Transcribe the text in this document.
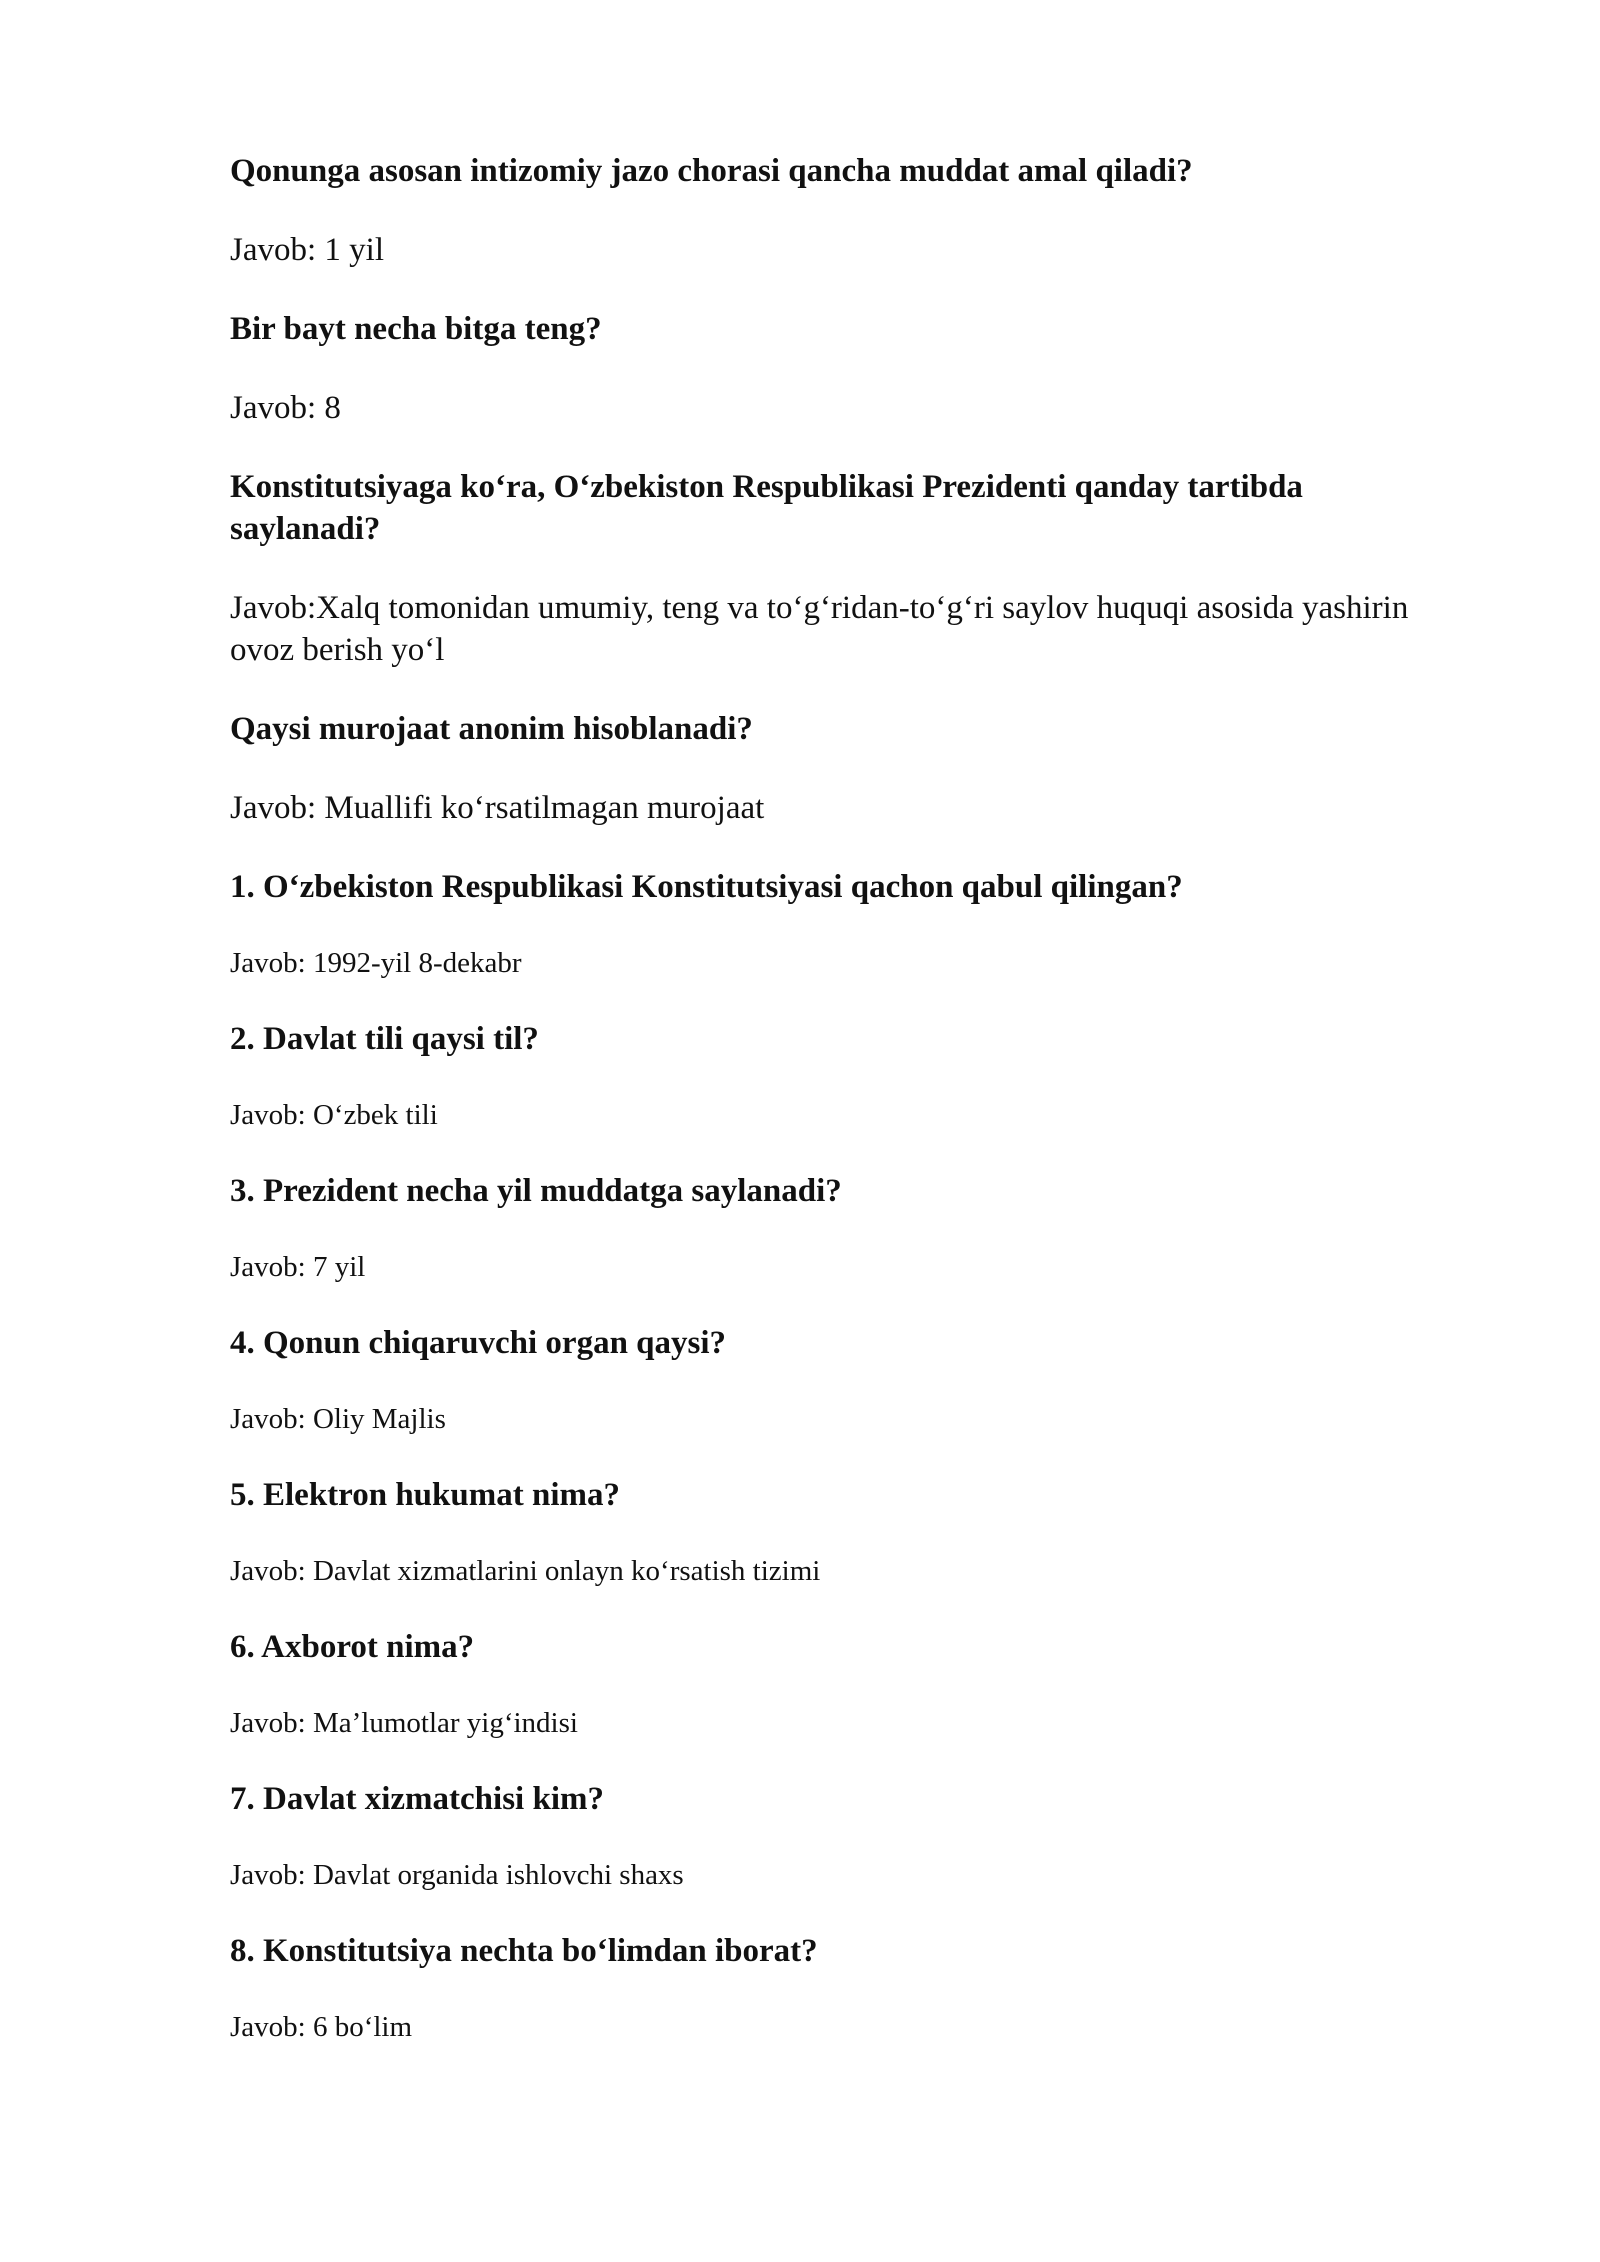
Qonunga asosan intizomiy jazo chorasi qancha muddat amal qiladi?

Javob: 1 yil

Bir bayt necha bitga teng?

Javob: 8

Konstitutsiyaga ko‘ra, O‘zbekiston Respublikasi Prezidenti qanday tartibda saylanadi?

Javob:Xalq tomonidan umumiy, teng va to‘g‘ridan-to‘g‘ri saylov huquqi asosida yashirin ovoz berish yo‘l

Qaysi murojaat anonim hisoblanadi?

Javob: Muallifi ko‘rsatilmagan murojaat

1. O‘zbekiston Respublikasi Konstitutsiyasi qachon qabul qilingan?

Javob: 1992-yil 8-dekabr

2. Davlat tili qaysi til?

Javob: O‘zbek tili

3. Prezident necha yil muddatga saylanadi?

Javob: 7 yil

4. Qonun chiqaruvchi organ qaysi?

Javob: Oliy Majlis

5. Elektron hukumat nima?

Javob: Davlat xizmatlarini onlayn ko‘rsatish tizimi

6. Axborot nima?

Javob: Ma’lumotlar yig‘indisi

7. Davlat xizmatchisi kim?

Javob: Davlat organida ishlovchi shaxs

8. Konstitutsiya nechta bo‘limdan iborat?

Javob: 6 bo‘lim
